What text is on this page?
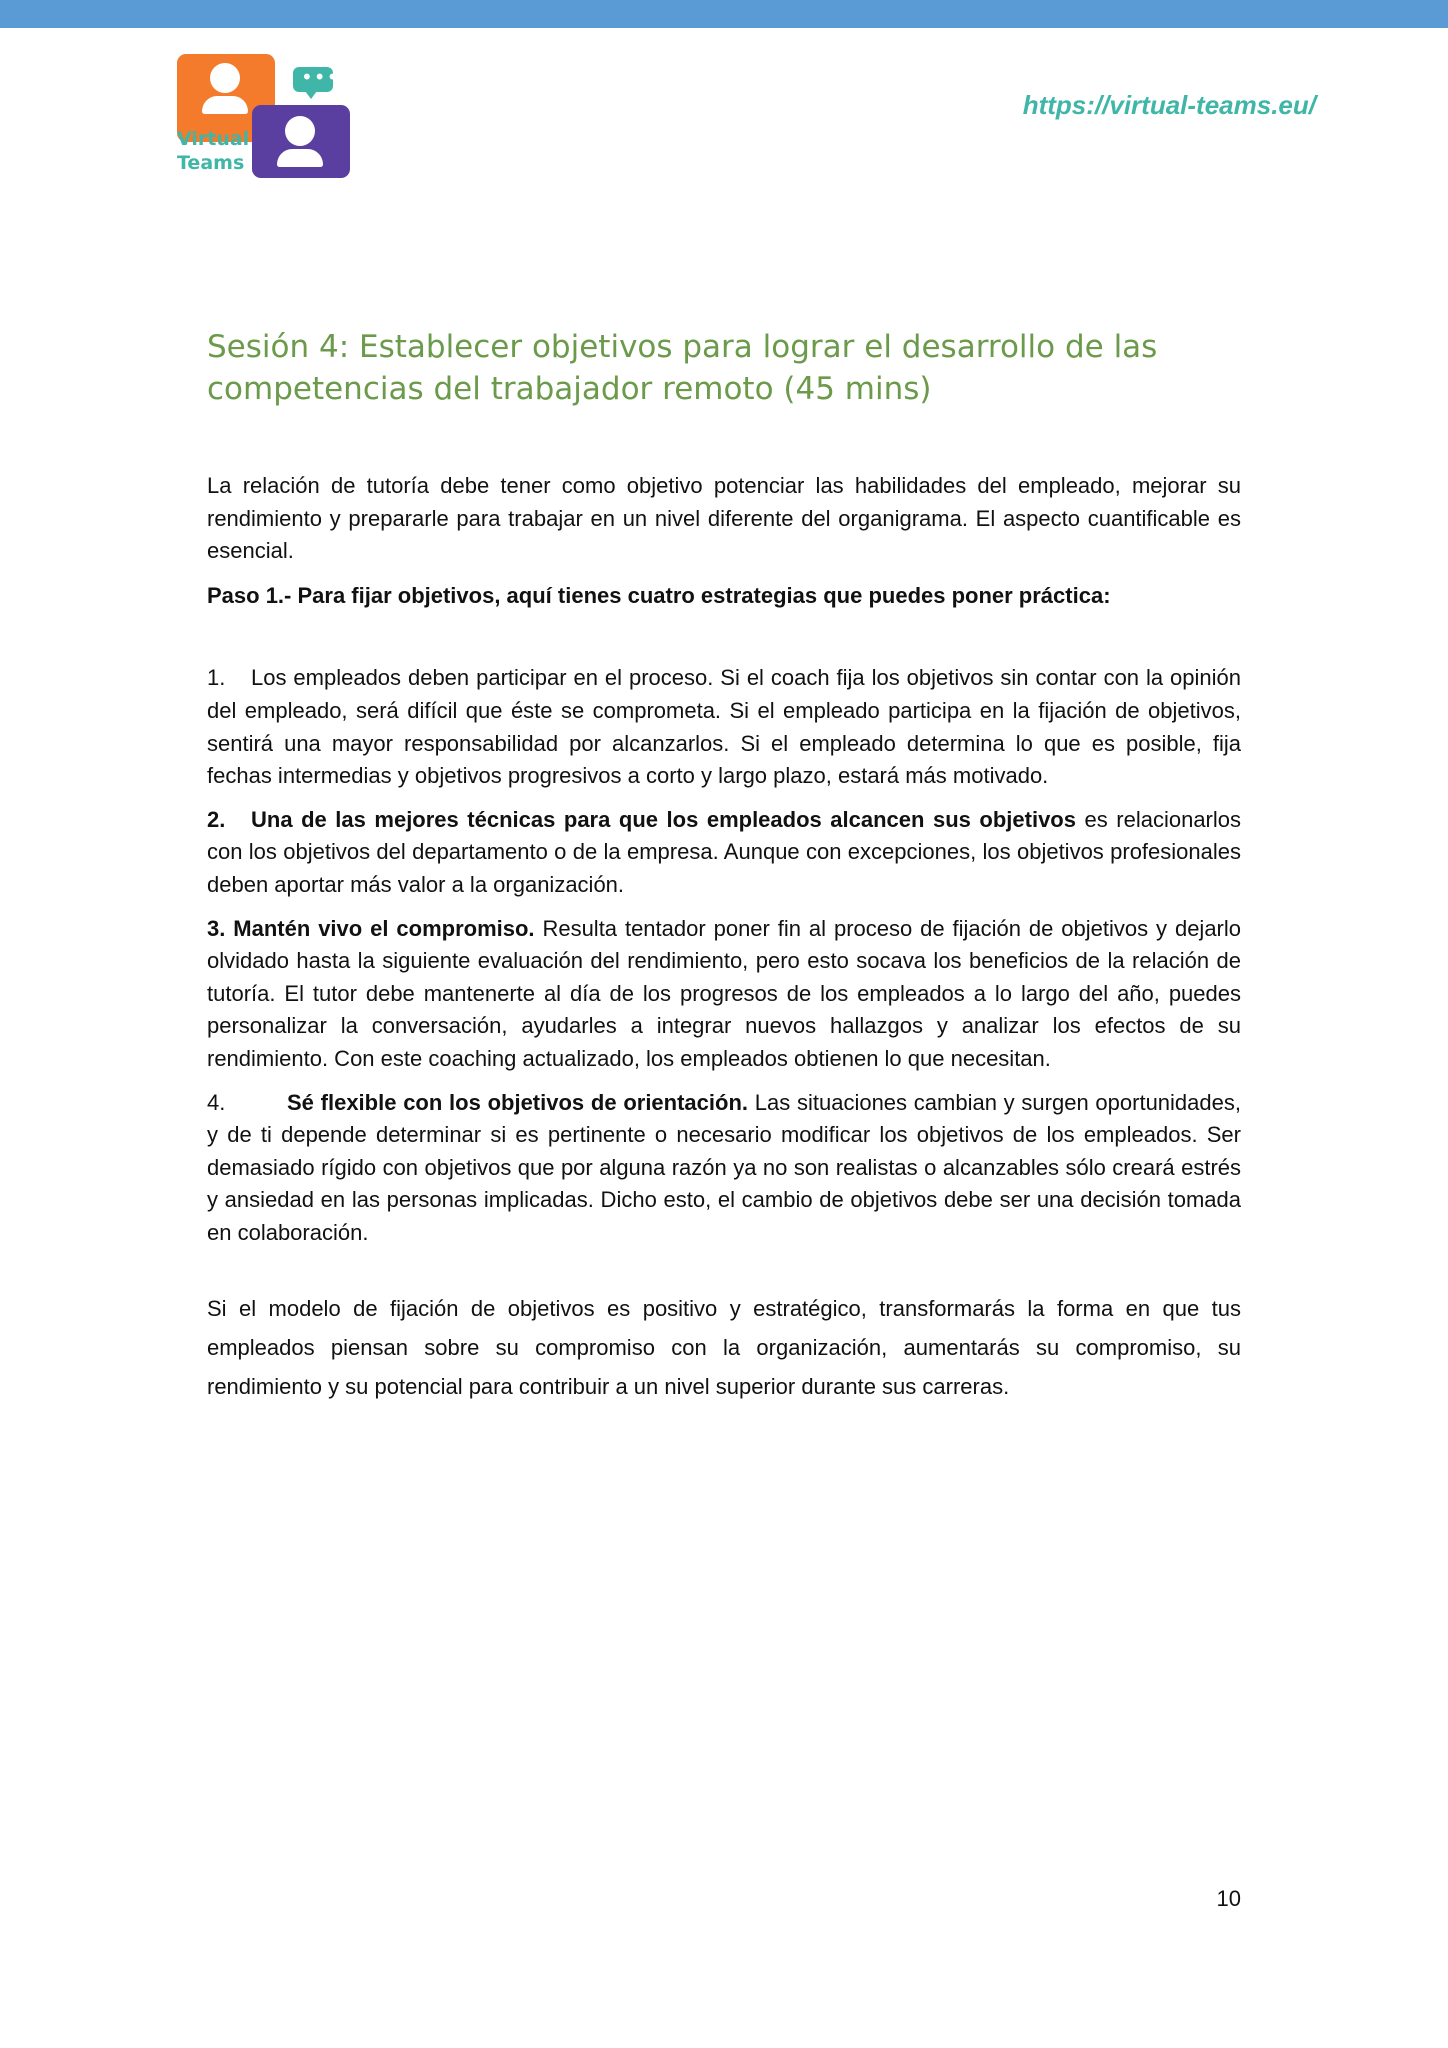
•••
Virtual
Teams
https://virtual-teams.eu/
Sesión 4: Establecer objetivos para lograr el desarrollo de las competencias del trabajador remoto (45 mins)

La relación de tutoría debe tener como objetivo potenciar las habilidades del empleado, mejorar su rendimiento y prepararle para trabajar en un nivel diferente del organigrama. El aspecto cuantificable es esencial.

Paso 1.- Para fijar objetivos, aquí tienes cuatro estrategias que puedes poner práctica:

1. Los empleados deben participar en el proceso. Si el coach fija los objetivos sin contar con la opinión del empleado, será difícil que éste se comprometa. Si el empleado participa en la fijación de objetivos, sentirá una mayor responsabilidad por alcanzarlos. Si el empleado determina lo que es posible, fija fechas intermedias y objetivos progresivos a corto y largo plazo, estará más motivado.

2. Una de las mejores técnicas para que los empleados alcancen sus objetivos es relacionarlos con los objetivos del departamento o de la empresa. Aunque con excepciones, los objetivos profesionales deben aportar más valor a la organización.

3. Mantén vivo el compromiso. Resulta tentador poner fin al proceso de fijación de objetivos y dejarlo olvidado hasta la siguiente evaluación del rendimiento, pero esto socava los beneficios de la relación de tutoría. El tutor debe mantenerte al día de los progresos de los empleados a lo largo del año, puedes personalizar la conversación, ayudarles a integrar nuevos hallazgos y analizar los efectos de su rendimiento. Con este coaching actualizado, los empleados obtienen lo que necesitan.

4.	Sé flexible con los objetivos de orientación. Las situaciones cambian y surgen oportunidades, y de ti depende determinar si es pertinente o necesario modificar los objetivos de los empleados. Ser demasiado rígido con objetivos que por alguna razón ya no son realistas o alcanzables sólo creará estrés y ansiedad en las personas implicadas. Dicho esto, el cambio de objetivos debe ser una decisión tomada en colaboración.

Si el modelo de fijación de objetivos es positivo y estratégico, transformarás la forma en que tus empleados piensan sobre su compromiso con la organización, aumentarás su compromiso, su rendimiento y su potencial para contribuir a un nivel superior durante sus carreras.

10
